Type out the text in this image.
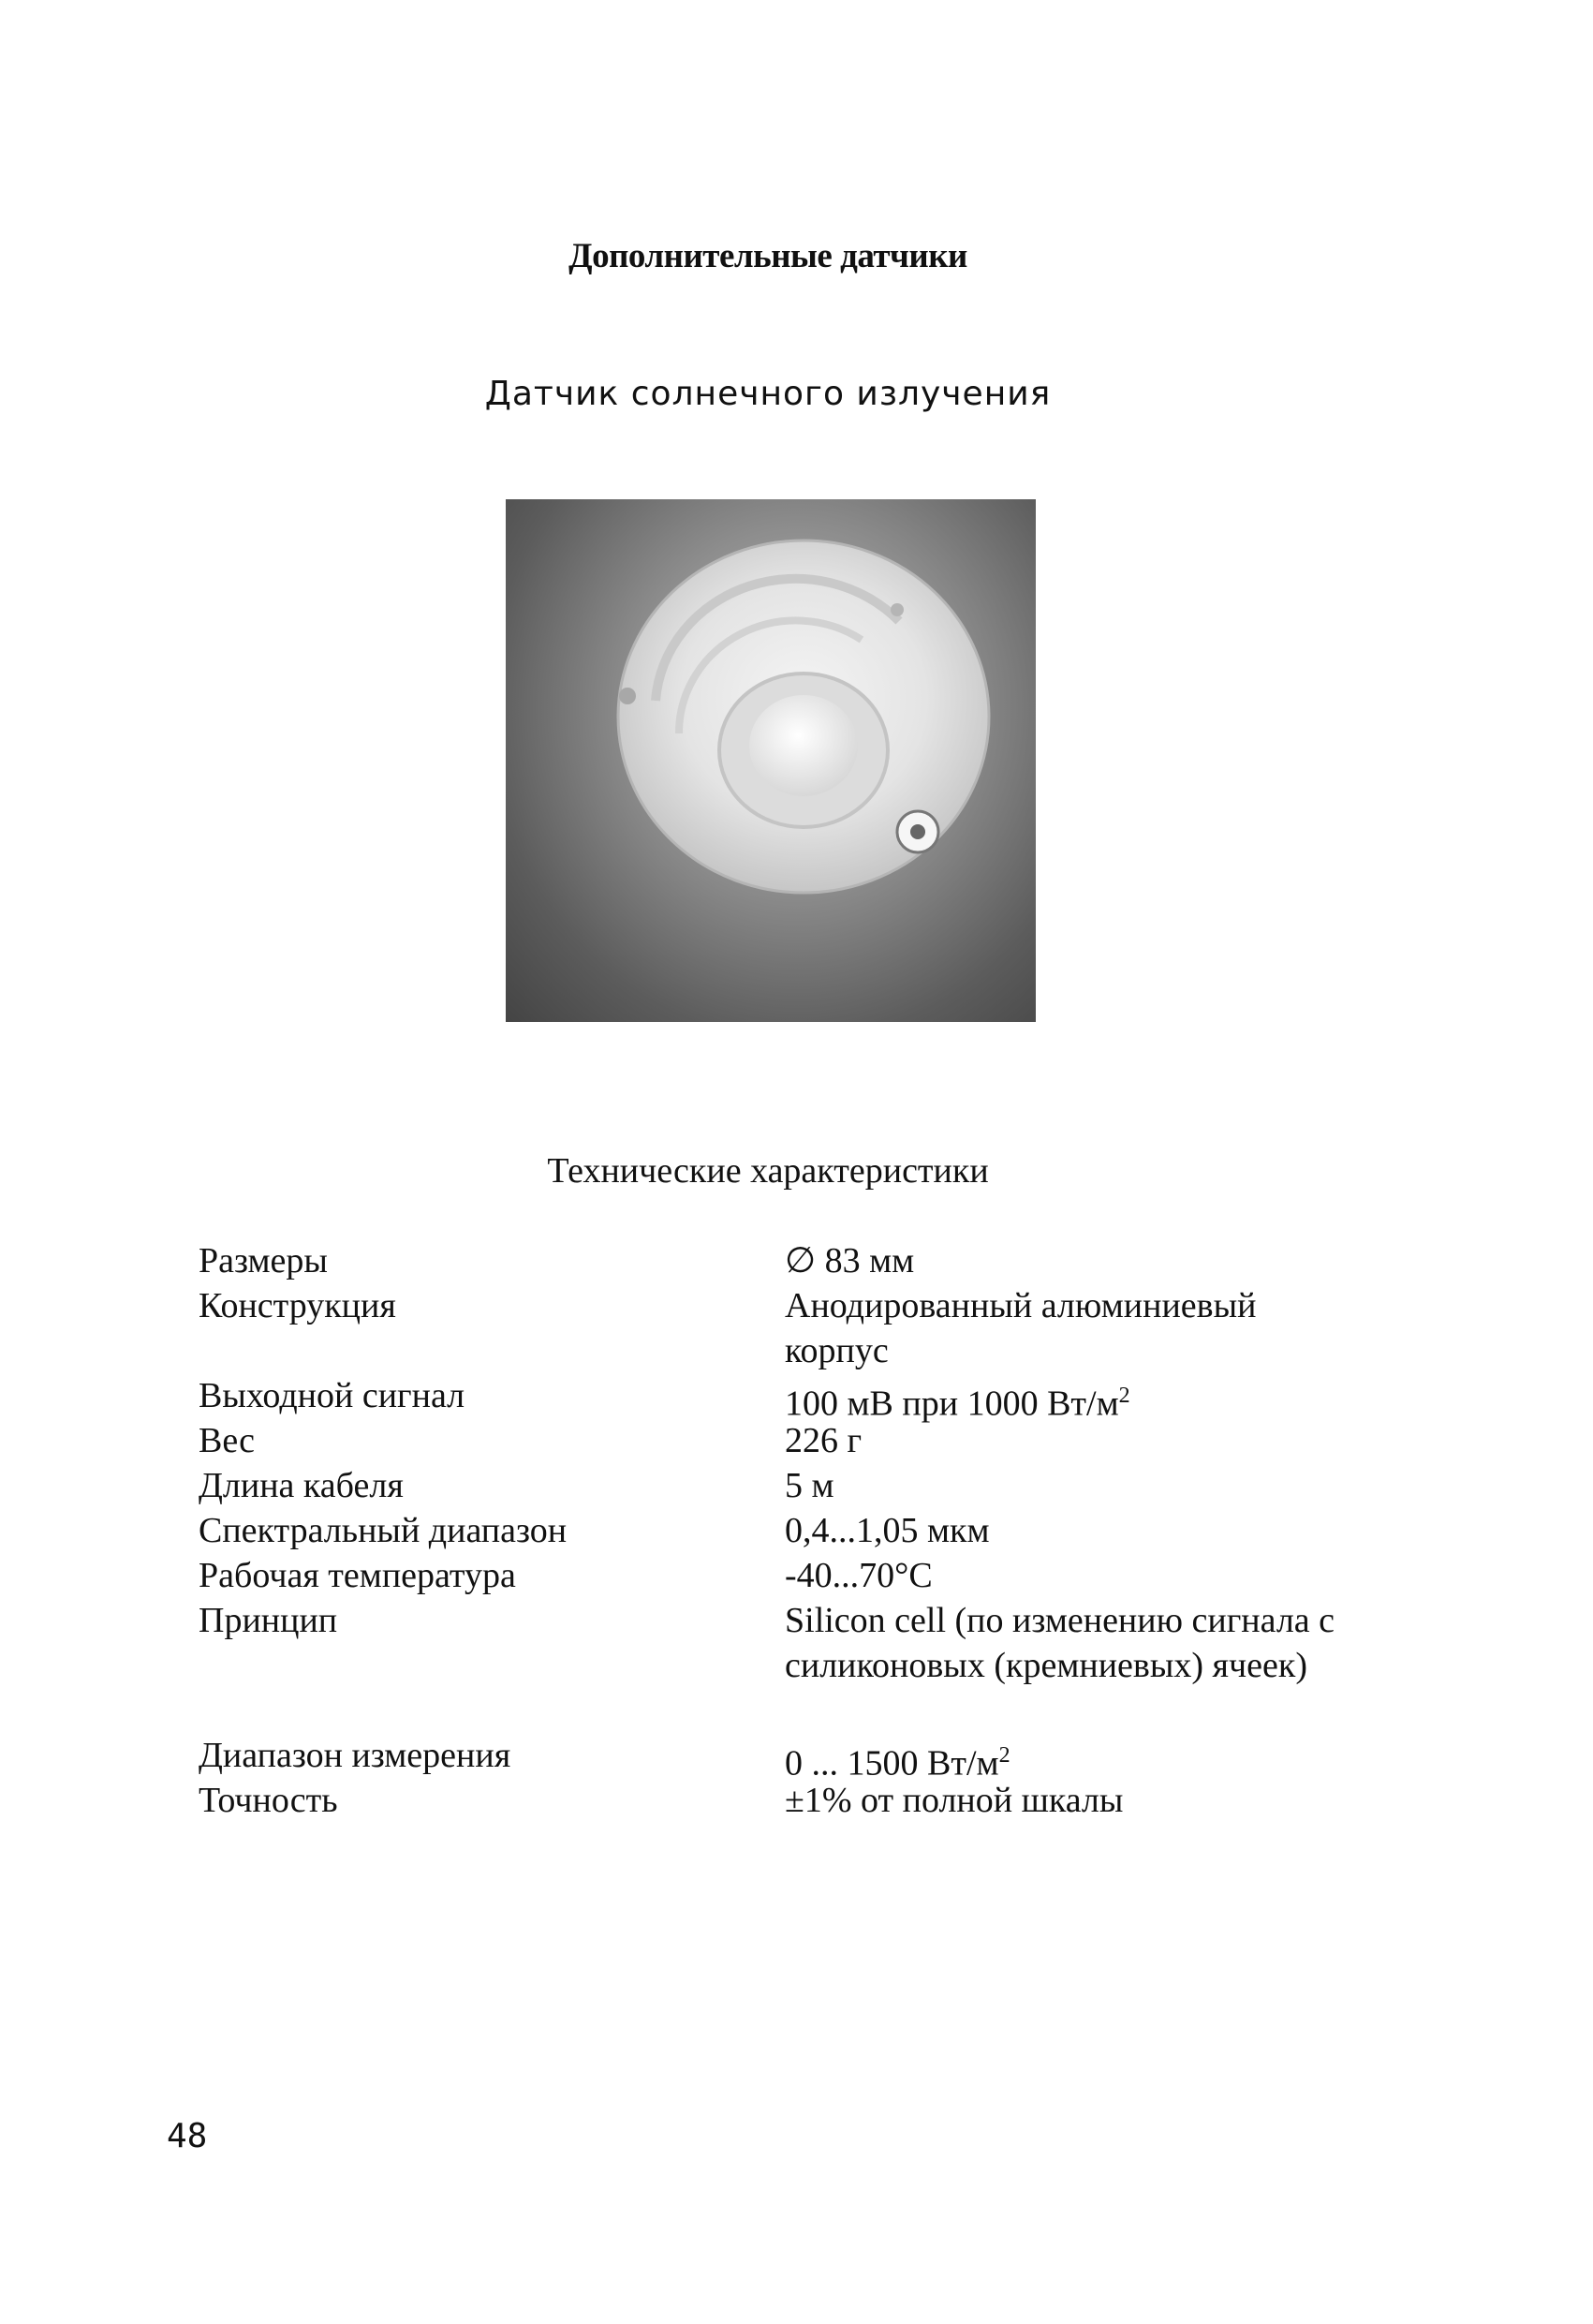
Дополнительные датчики
Датчик солнечного излучения
Технические характеристики
Размеры	∅ 83 мм
Конструкция	Анодированный алюминиевый корпус
Выходной сигнал	100 мВ при 1000 $Вт/м^2$
Вес	226 г
Длина кабеля	5 м
Спектральный диапазон	0,4...1,05 мкм
Рабочая температура	-40...70°C
Принцип	Silicon cell (по изменению сигнала с силиконовых (кремниевых) ячеек)
Диапазон измерения	0 ... 1500 $Вт/м^2$
Точность	±1% от полной шкалы
48
